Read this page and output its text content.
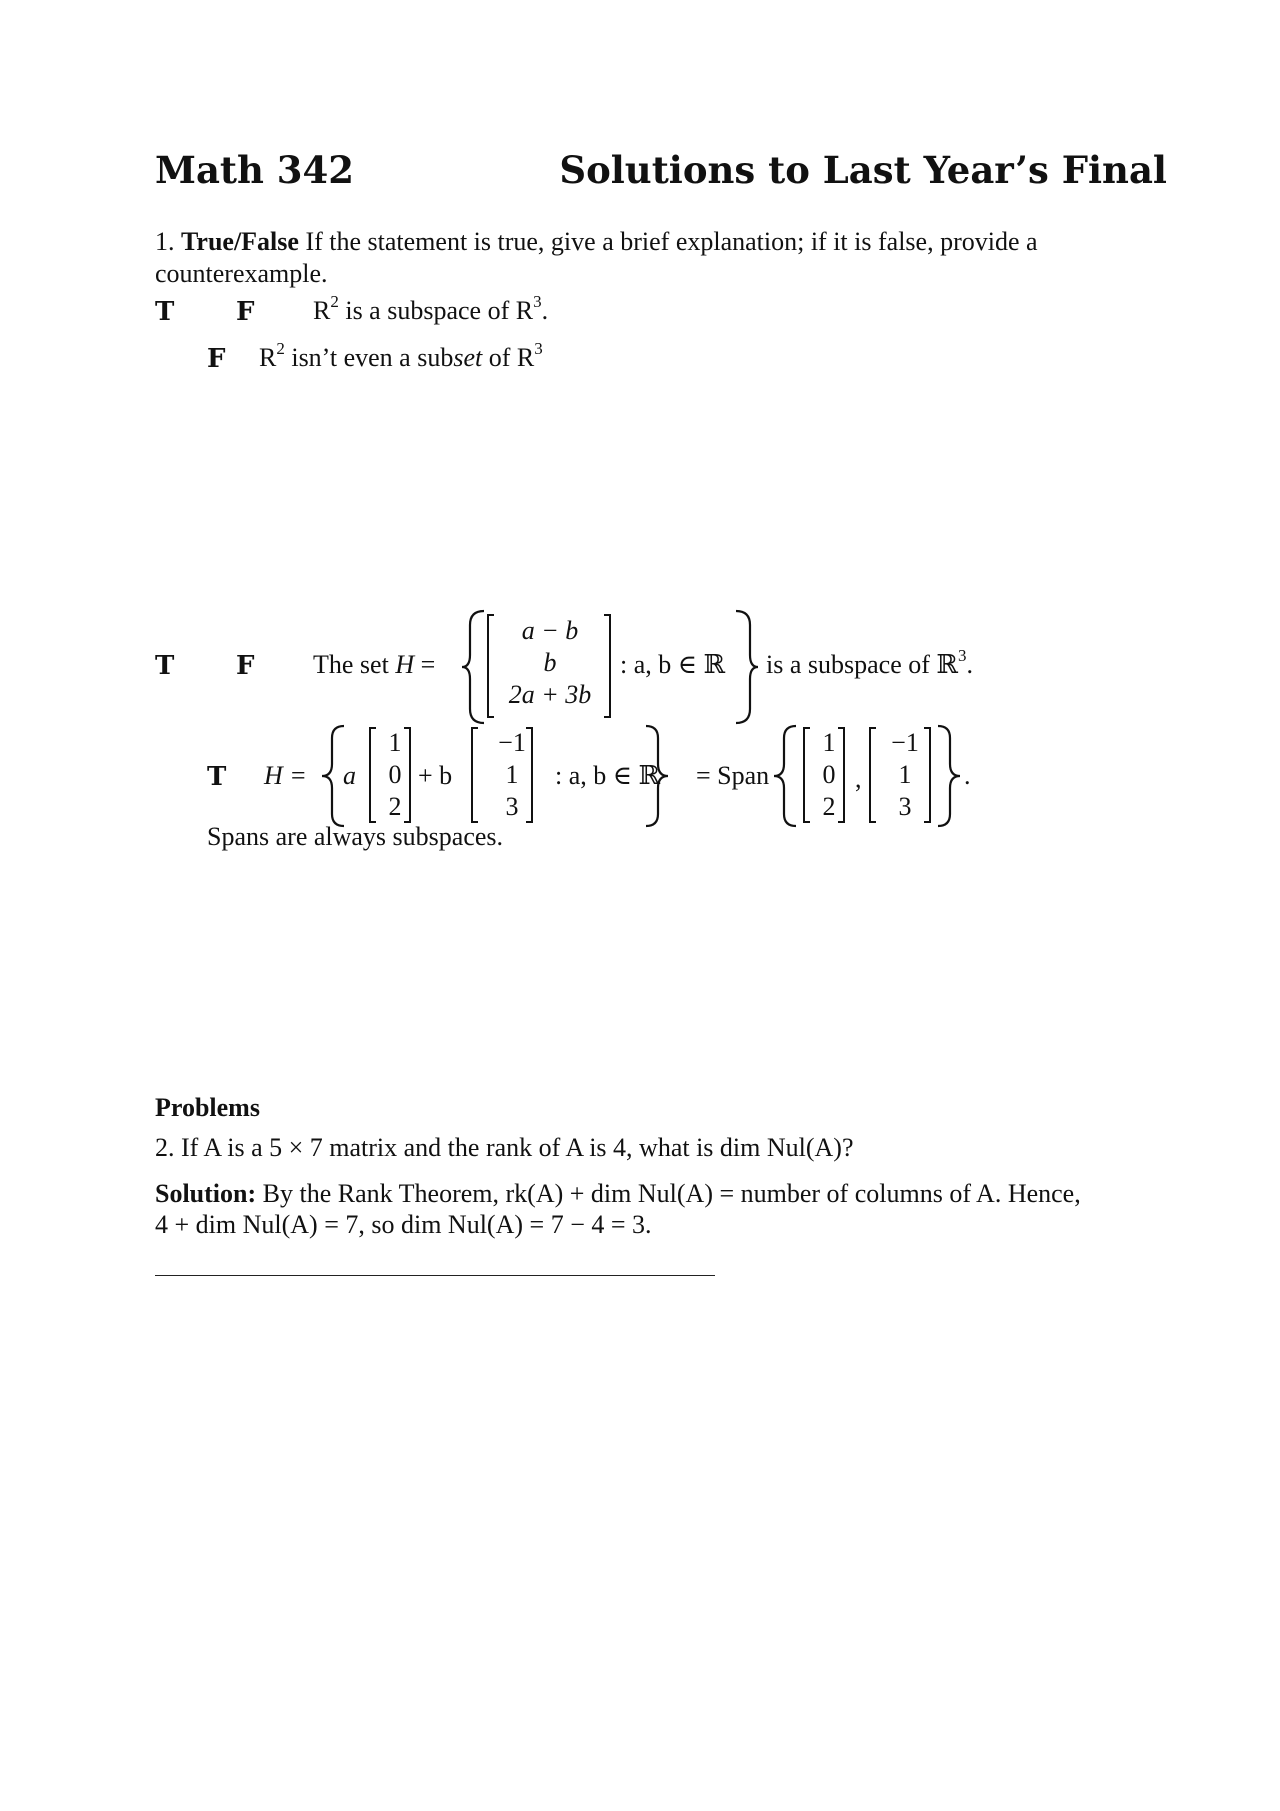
Math 342	Solutions to Last Year’s Final
1. True/False If the statement is true, give a brief explanation; if it is false, provide a
counterexample.
T F $R^2$ is a subspace of $R^3$.
F $R^2$ isn’t even a subset of $R^3$
T F The set H =
a − b
b
2a + 3b
: a, b ∈ ℝ is a subspace of ℝ$^3$.
T H = a
1
0
2
+ b
−1
1
3
: a, b ∈ ℝ = Span
1
0
2
,
−1
1
3
.
Spans are always subspaces.
Problems
2. If A is a 5 × 7 matrix and the rank of A is 4, what is dim Nul(A)?
Solution: By the Rank Theorem, rk(A) + dim Nul(A) = number of columns of A. Hence,
4 + dim Nul(A) = 7, so dim Nul(A) = 7 − 4 = 3.
